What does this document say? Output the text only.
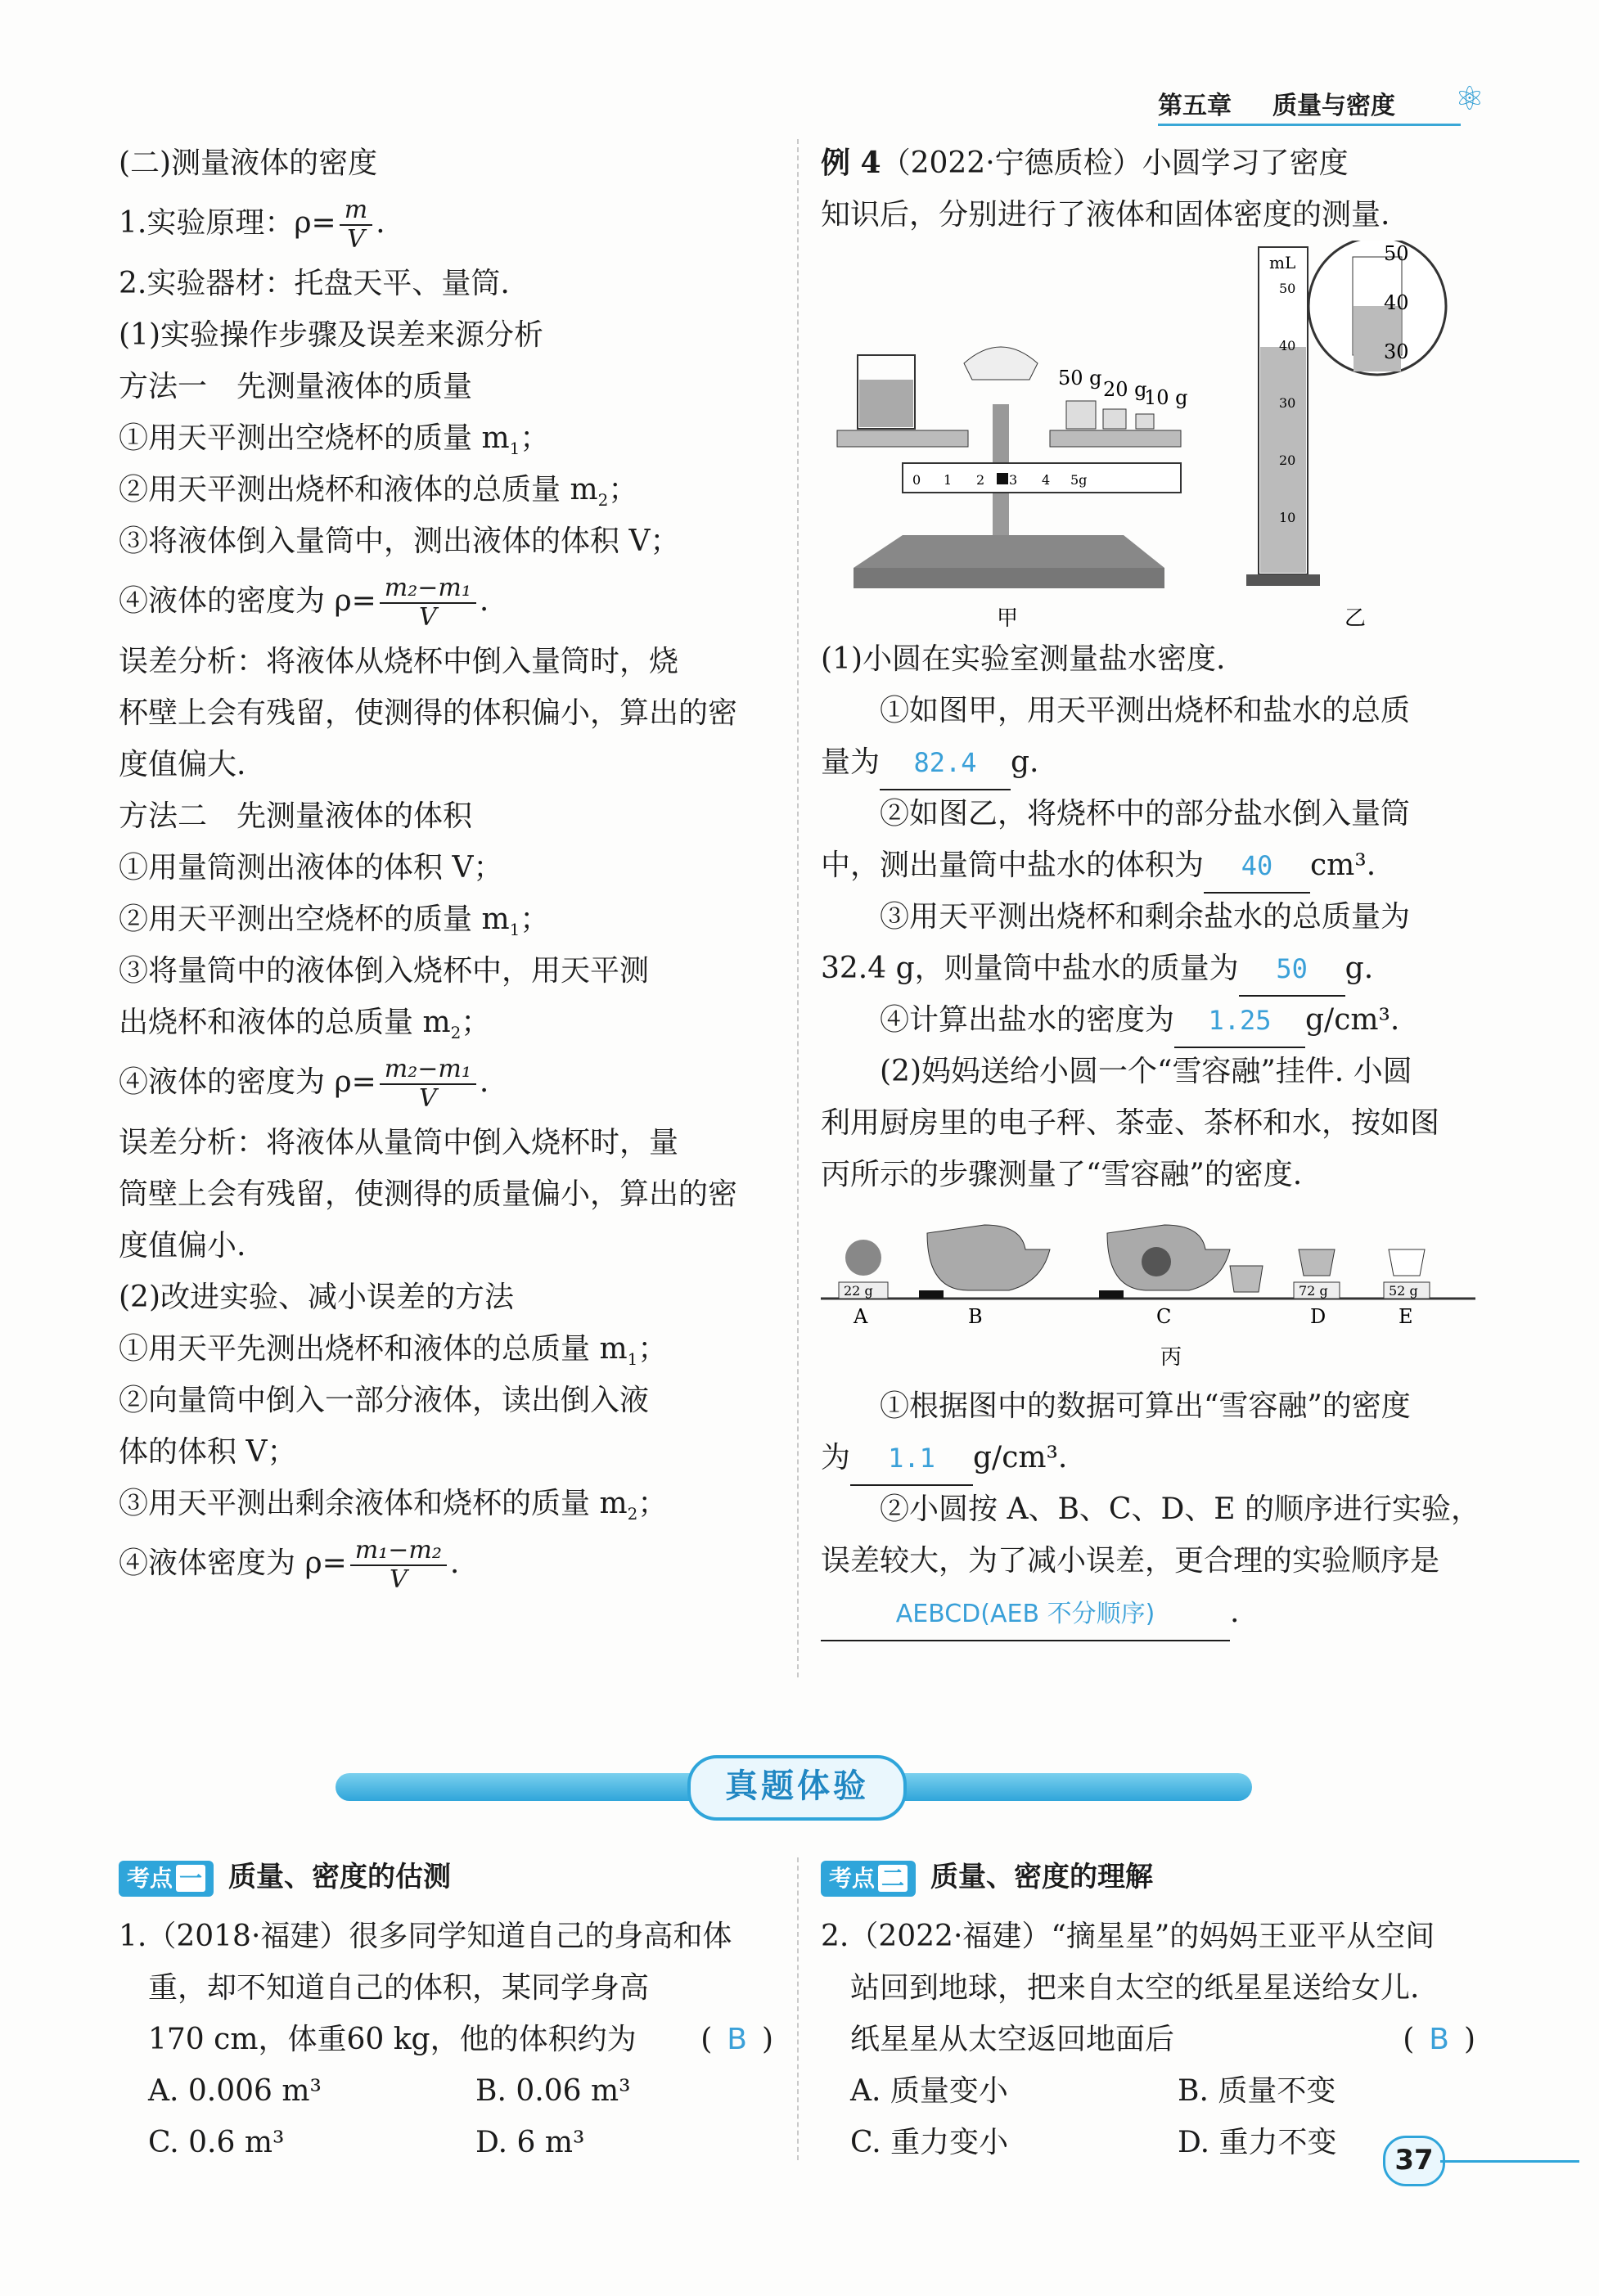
第五章 质量与密度 ⚛
(二)测量液体的密度
1.实验原理：$\rho= \frac{m}{V}$ .
2.实验器材：托盘天平、量筒.
(1)实验操作步骤及误差来源分析
方法一　先测量液体的质量
①用天平测出空烧杯的质量 $m_1$；
②用天平测出烧杯和液体的总质量 $m_2$；
③将液体倒入量筒中，测出液体的体积 V；
④液体的密度为 $\rho= \frac{\text{m₂−m₁}}{V}$ .
误差分析：将液体从烧杯中倒入量筒时，烧
杯壁上会有残留，使测得的体积偏小，算出的密
度值偏大.
方法二　先测量液体的体积
①用量筒测出液体的体积 V；
②用天平测出空烧杯的质量 $m_1$；
③将量筒中的液体倒入烧杯中，用天平测
出烧杯和液体的总质量 $m_2$；
④液体的密度为 $\rho= \frac{\text{m₂−m₁}}{V}$ .
误差分析：将液体从量筒中倒入烧杯时，量
筒壁上会有残留，使测得的质量偏小，算出的密
度值偏小.
(2)改进实验、减小误差的方法
①用天平先测出烧杯和液体的总质量 $m_1$；
②向量筒中倒入一部分液体，读出倒入液
体的体积 V；
③用天平测出剩余液体和烧杯的质量 $m_2$；
④液体密度为 $\rho= \frac{\text{m₁−m₂}}{V}$ .
例 4（2022·宁德质检）小圆学习了密度
知识后，分别进行了液体和固体密度的测量.
0 1 2 3 4 5g
50 g 20 g
10 g
甲
mL
50
40
30
20
10
50
40
30
乙
(1)小圆在实验室测量盐水密度.
①如图甲，用天平测出烧杯和盐水的总质
量为 82.4 g.
②如图乙，将烧杯中的部分盐水倒入量筒
中，测出量筒中盐水的体积为 40 cm³.
③用天平测出烧杯和剩余盐水的总质量为
32.4 g，则量筒中盐水的质量为 50 g.
④计算出盐水的密度为 1.25 g/cm³.
(2)妈妈送给小圆一个“雪容融”挂件. 小圆
利用厨房里的电子秤、茶壶、茶杯和水，按如图
丙所示的步骤测量了“雪容融”的密度.
22 g
A	B	C
丙
72 g
D
52 g
E
①根据图中的数据可算出“雪容融”的密度
为 1.1 g/cm³.
②小圆按 A、B、C、D、E 的顺序进行实验，
误差较大，为了减小误差，更合理的实验顺序是
AEBCD(AEB 不分顺序)	.
真题体验
考点 一 质量、密度的估测	考点 二 质量、密度的理解
1.（2018·福建）很多同学知道自己的身高和体
重，却不知道自己的体积，某同学身高
170 cm，体重60 kg，他的体积约为 ( B )
A. 0.006 m³	B. 0.06 m³
C. 0.6 m³	D. 6 m³
2.（2022·福建）“摘星星”的妈妈王亚平从空间
站回到地球，把来自太空的纸星星送给女儿.
纸星星从太空返回地面后	( B )
A. 质量变小	B. 质量不变
C. 重力变小	D. 重力不变
37
